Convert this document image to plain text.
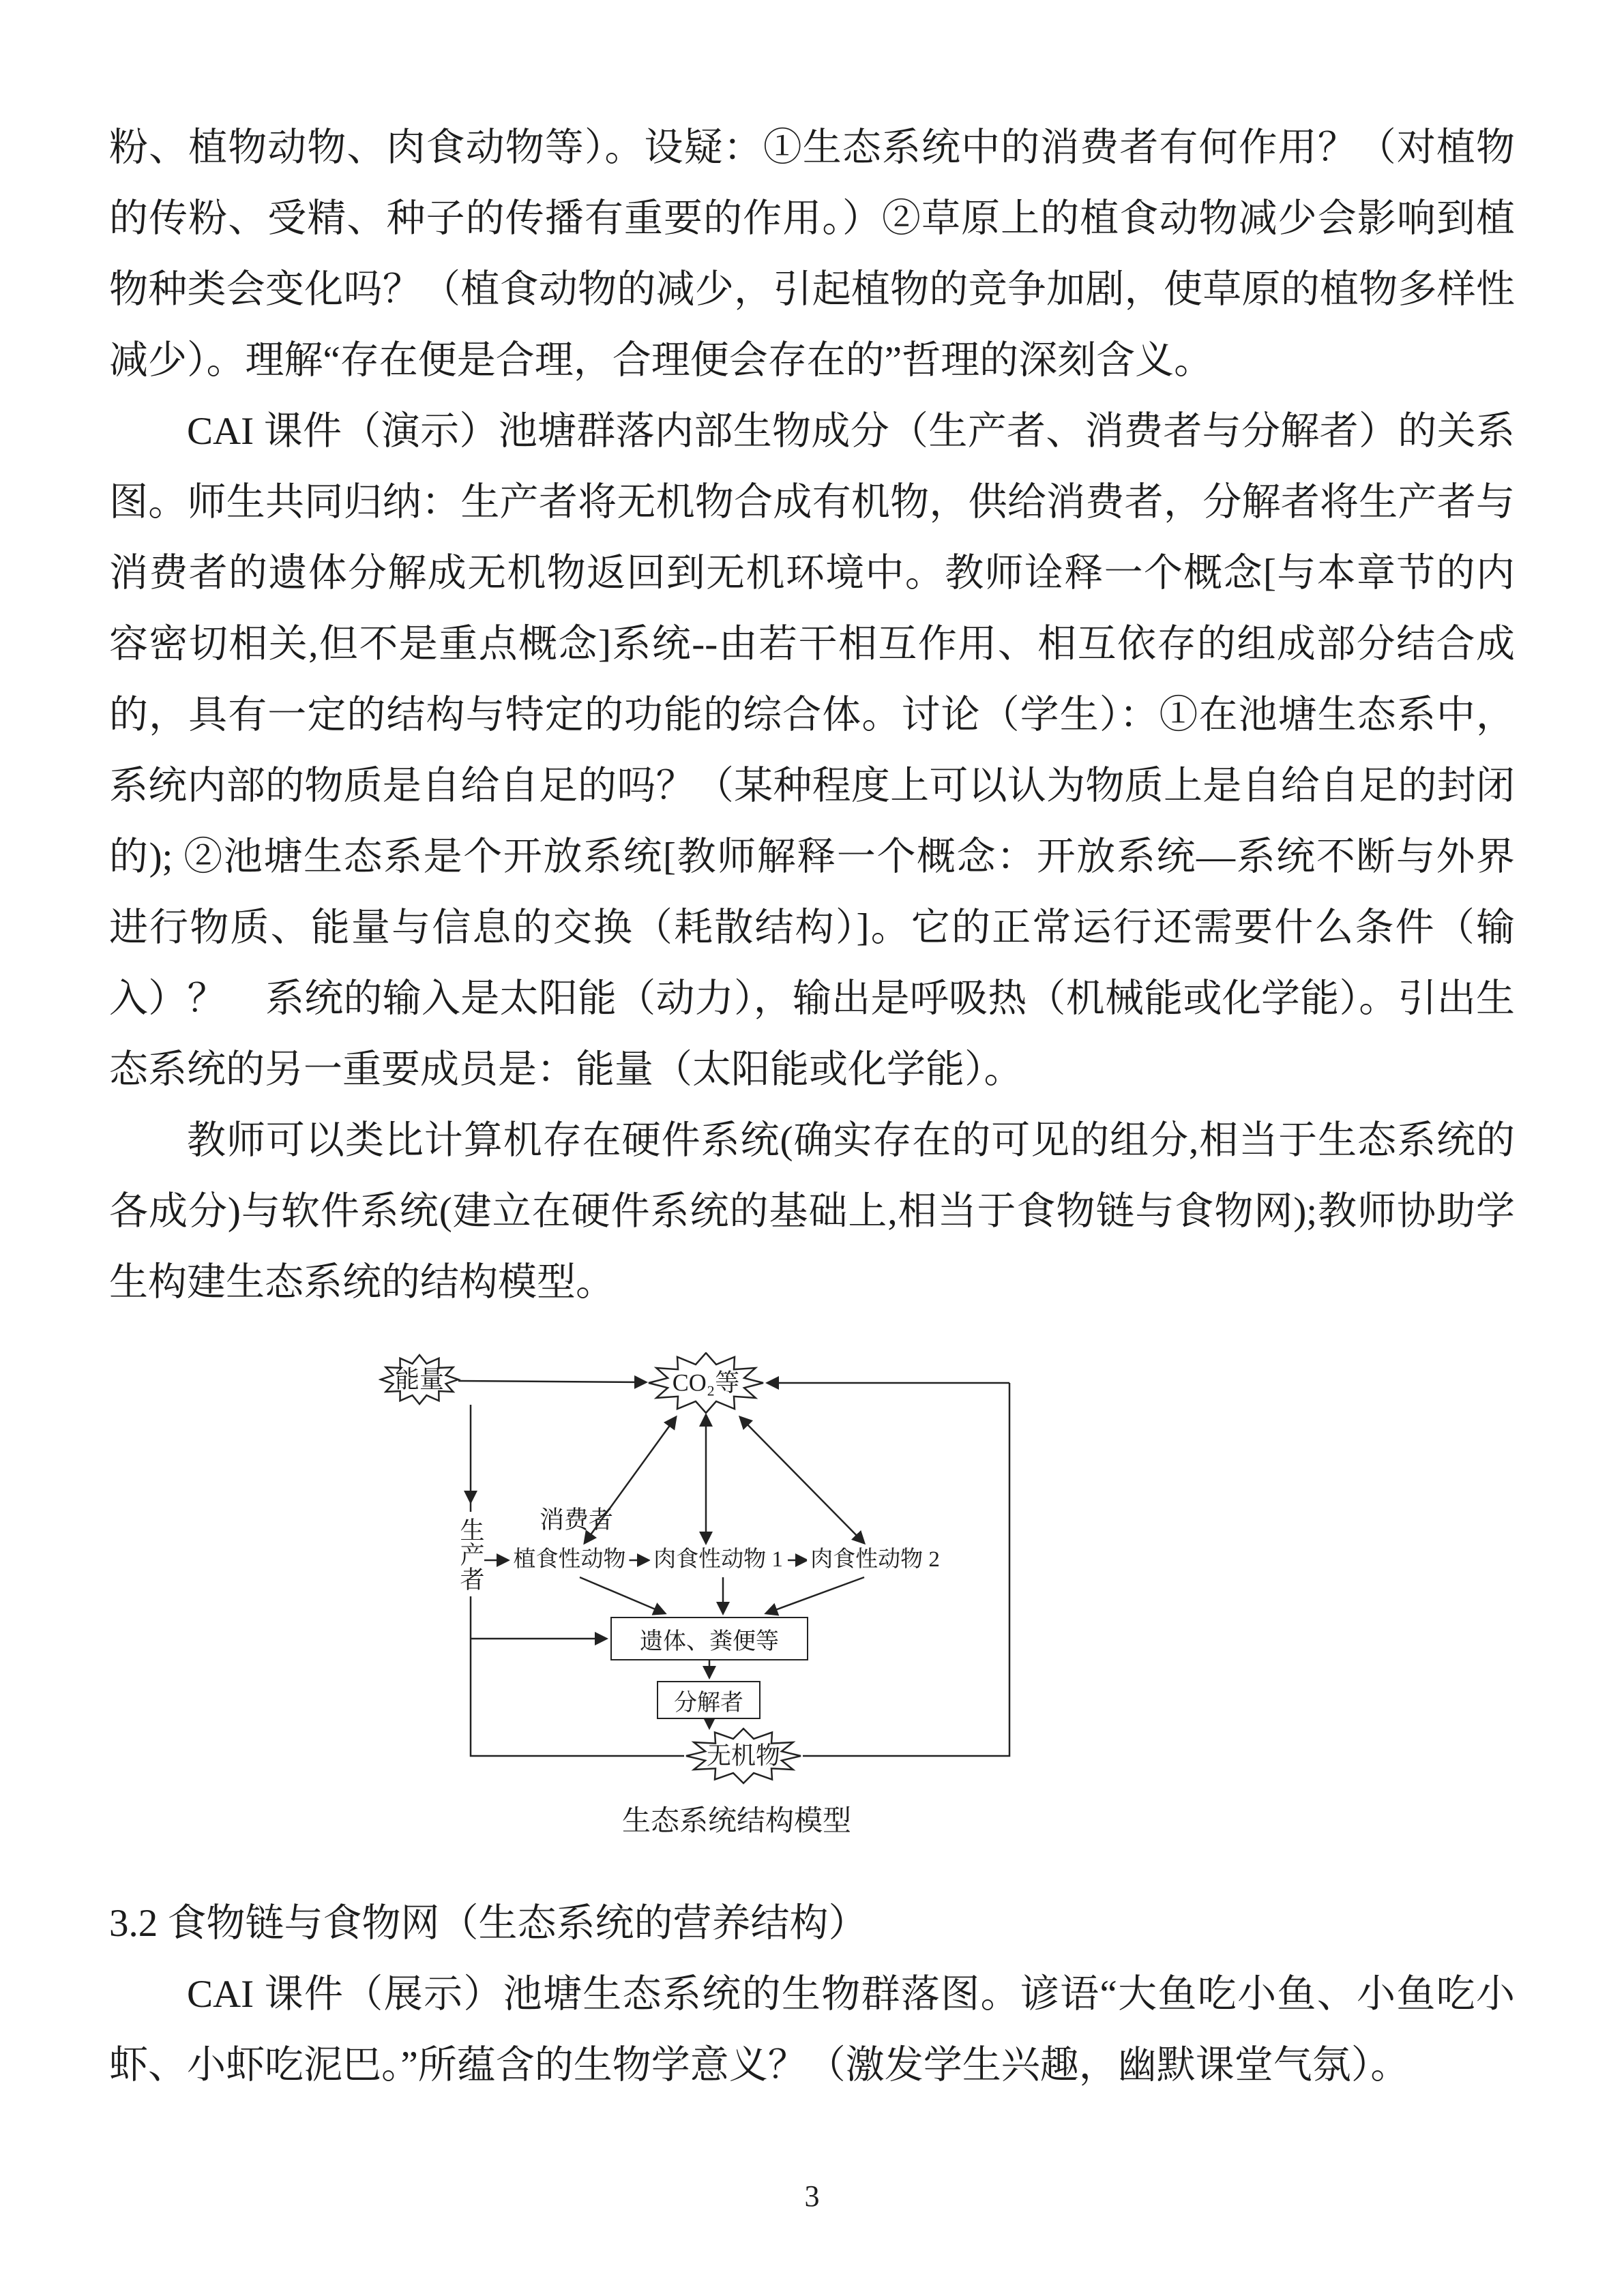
粉、植物动物、肉食动物等）。设疑：①生态系统中的消费者有何作用？（对植物的传粉、受精、种子的传播有重要的作用。）②草原上的植食动物减少会影响到植物种类会变化吗？（植食动物的减少，引起植物的竞争加剧，使草原的植物多样性减少）。理解“存在便是合理，合理便会存在的”哲理的深刻含义。

CAI 课件（演示）池塘群落内部生物成分（生产者、消费者与分解者）的关系图。师生共同归纳：生产者将无机物合成有机物，供给消费者，分解者将生产者与消费者的遗体分解成无机物返回到无机环境中。教师诠释一个概念[与本章节的内容密切相关,但不是重点概念]系统--由若干相互作用、相互依存的组成部分结合成的，具有一定的结构与特定的功能的综合体。讨论（学生）：①在池塘生态系中，系统内部的物质是自给自足的吗？（某种程度上可以认为物质上是自给自足的封闭的); ②池塘生态系是个开放系统[教师解释一个概念：开放系统—系统不断与外界进行物质、能量与信息的交换（耗散结构）]。它的正常运行还需要什么条件（输入）？　系统的输入是太阳能（动力），输出是呼吸热（机械能或化学能）。引出生态系统的另一重要成员是：能量（太阳能或化学能）。

教师可以类比计算机存在硬件系统(确实存在的可见的组分,相当于生态系统的各成分)与软件系统(建立在硬件系统的基础上,相当于食物链与食物网);教师协助学生构建生态系统的结构模型。

能量	CO₂等
消费者
植食性动物 肉食性动物 1 肉食性动物 2
生产者
遗体、粪便等
分解者
无机物
生态系统结构模型
3.2 食物链与食物网（生态系统的营养结构）

CAI 课件（展示）池塘生态系统的生物群落图。谚语“大鱼吃小鱼、小鱼吃小虾、小虾吃泥巴。”所蕴含的生物学意义？（激发学生兴趣，幽默课堂气氛）。

3
